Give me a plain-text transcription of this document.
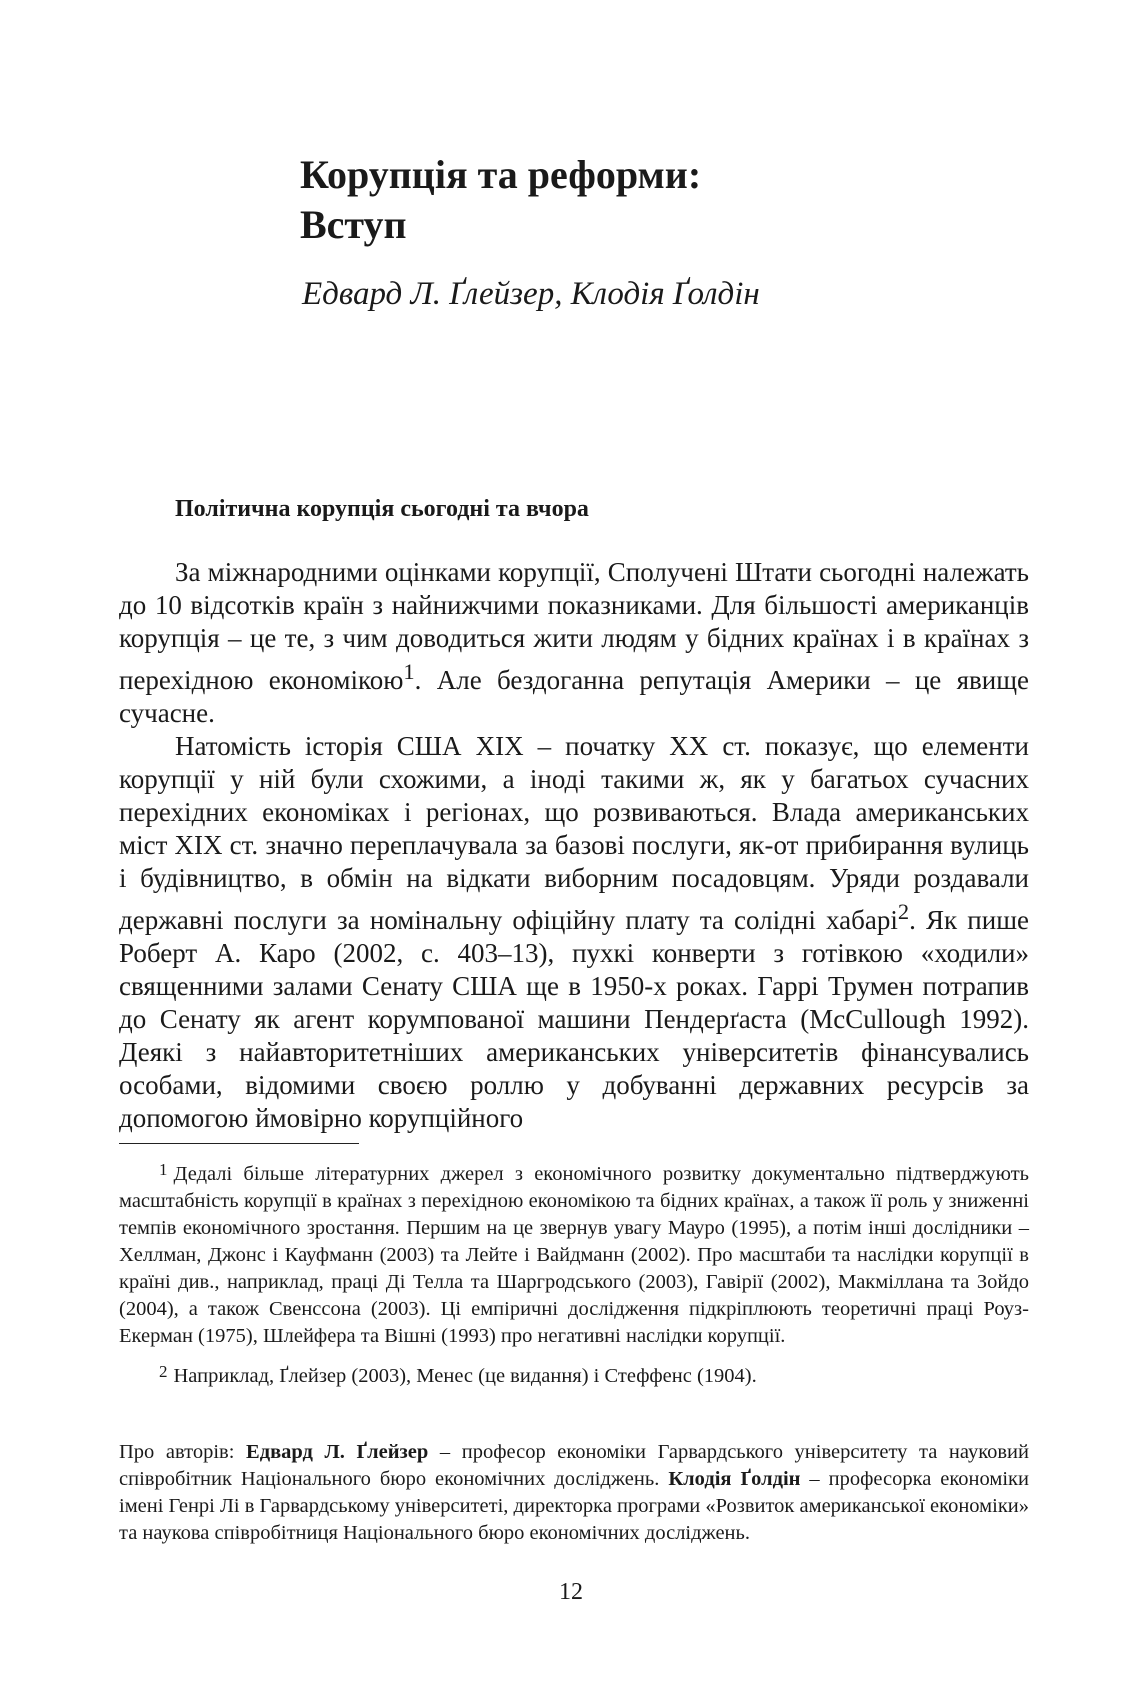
Корупція та реформи:
Вступ
Едвард Л. Ґлейзер, Клодія Ґолдін
Політична корупція сьогодні та вчора

За міжнародними оцінками корупції, Сполучені Штати сьогодні належать до 10 відсотків країн з найнижчими показниками. Для більшості американців корупція – це те, з чим доводиться жити людям у бідних країнах і в країнах з перехідною економікою$^1$. Але бездоганна репутація Америки – це явище сучасне.

Натомість історія США XIX – початку XX ст. показує, що елементи корупції у ній були схожими, а іноді такими ж, як у багатьох сучасних перехідних економіках і регіонах, що розвиваються. Влада американських міст XIX ст. значно переплачувала за базові послуги, як-от прибирання вулиць і будівництво, в обмін на відкати виборним посадовцям. Уряди роздавали державні послуги за номінальну офіційну плату та солідні хабарі$^2$. Як пише Роберт А. Каро (2002, с. 403–13), пухкі конверти з готівкою «ходили» священними залами Сенату США ще в 1950-х роках. Гаррі Трумен потрапив до Сенату як агент корумпованої машини Пендерґаста (McCullough 1992). Деякі з найавторитетніших американських університетів фінансувались особами, відомими своєю роллю у добуванні державних ресурсів за допомогою ймовірно корупційного

$^1$ Дедалі більше літературних джерел з економічного розвитку документально підтверджують масштабність корупції в країнах з перехідною економікою та бідних країнах, а також її роль у зниженні темпів економічного зростання. Першим на це звернув увагу Мауро (1995), а потім інші дослідники – Хеллман, Джонс і Кауфманн (2003) та Лейте і Вайдманн (2002). Про масштаби та наслідки корупції в країні див., наприклад, праці Ді Телла та Шаргродського (2003), Гавірії (2002), Макміллана та Зойдо (2004), а також Свенссона (2003). Ці емпіричні дослідження підкріплюють теоретичні праці Роуз-Екерман (1975), Шлейфера та Вішні (1993) про негативні наслідки корупції.

$^2$ Наприклад, Ґлейзер (2003), Менес (це видання) і Стеффенс (1904).

Про авторів: Едвард Л. Ґлейзер – професор економіки Гарвардського університету та науковий співробітник Національного бюро економічних досліджень. Клодія Ґолдін – професорка економіки імені Генрі Лі в Гарвардському університеті, директорка програми «Розвиток американської економіки» та наукова співробітниця Національного бюро економічних досліджень.

12
